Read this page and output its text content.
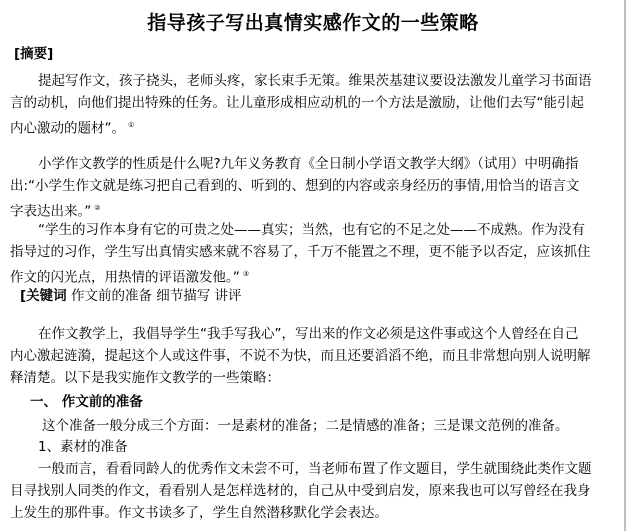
指导孩子写出真情实感作文的一些策略
[摘要]
提起写作文，孩子挠头，老师头疼，家长束手无策。维果茨基建议要设法激发儿童学习书面语
言的动机，向他们提出特殊的任务。让儿童形成相应动机的一个方法是激励，让他们去写“能引起
内心激动的题材”。 ①
小学作文教学的性质是什么呢?九年义务教育《全日制小学语文教学大纲》（试用）中明确指
出:“小学生作文就是练习把自己看到的、听到的、想到的内容或亲身经历的事情,用恰当的语言文
字表达出来。” ②
“学生的习作本身有它的可贵之处——真实；当然，也有它的不足之处——不成熟。作为没有
指导过的习作，学生写出真情实感来就不容易了，千万不能置之不理，更不能予以否定，应该抓住
作文的闪光点，用热情的评语激发他。” ③
[关键词 作文前的准备 细节描写 讲评
在作文教学上，我倡导学生“我手写我心”，写出来的作文必须是这件事或这个人曾经在自己
内心激起涟漪，提起这个人或这件事，不说不为快，而且还要滔滔不绝，而且非常想向别人说明解
释清楚。以下是我实施作文教学的一些策略：
一、 作文前的准备
这个准备一般分成三个方面：一是素材的准备；二是情感的准备；三是课文范例的准备。
1、素材的准备
一般而言，看看同龄人的优秀作文未尝不可，当老师布置了作文题目，学生就围绕此类作文题
目寻找别人同类的作文，看看别人是怎样选材的，自己从中受到启发，原来我也可以写曾经在我身
上发生的那件事。作文书读多了，学生自然潜移默化学会表达。
